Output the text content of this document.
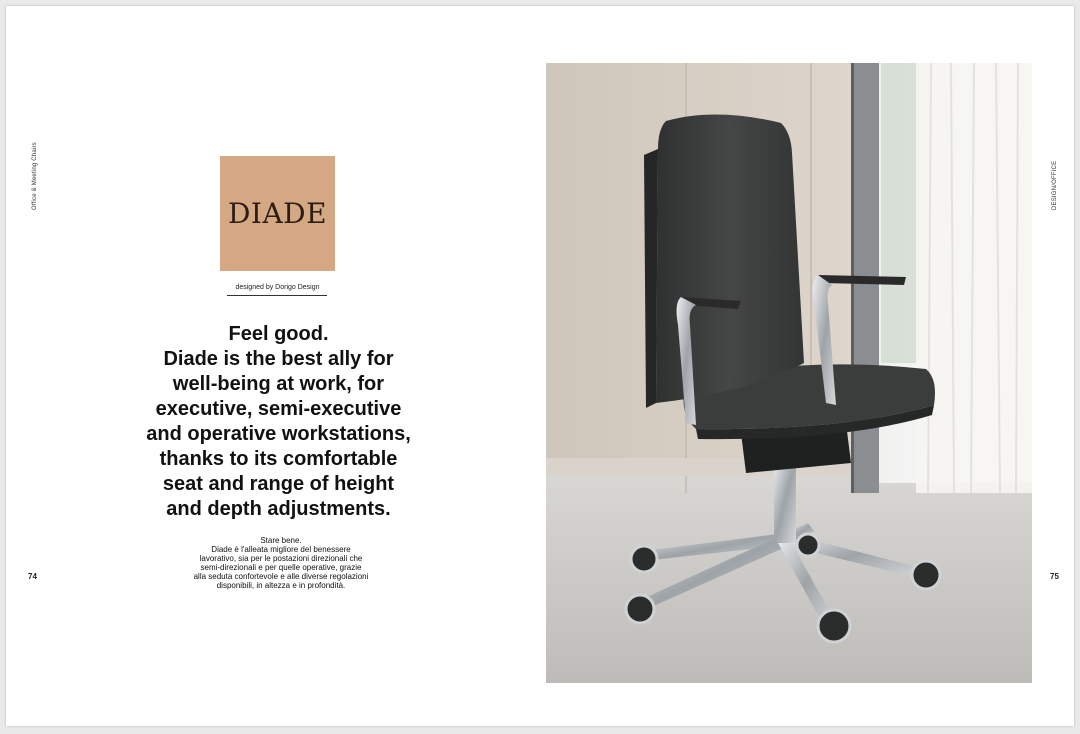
Office & Meeting Chairs
DIADE
designed by Dorigo Design
Feel good.
Diade is the best ally for
well-being at work, for
executive, semi-executive
and operative workstations,
thanks to its comfortable
seat and range of height
and depth adjustments.
Stare bene.
Diade è l'alleata migliore del benessere
lavorativo, sia per le postazioni direzionali che
semi-direzionali e per quelle operative, grazie
alla seduta confortevole e alle diverse regolazioni
disponibili, in altezza e in profondità.
74
DESIGN/OFFICE
75
